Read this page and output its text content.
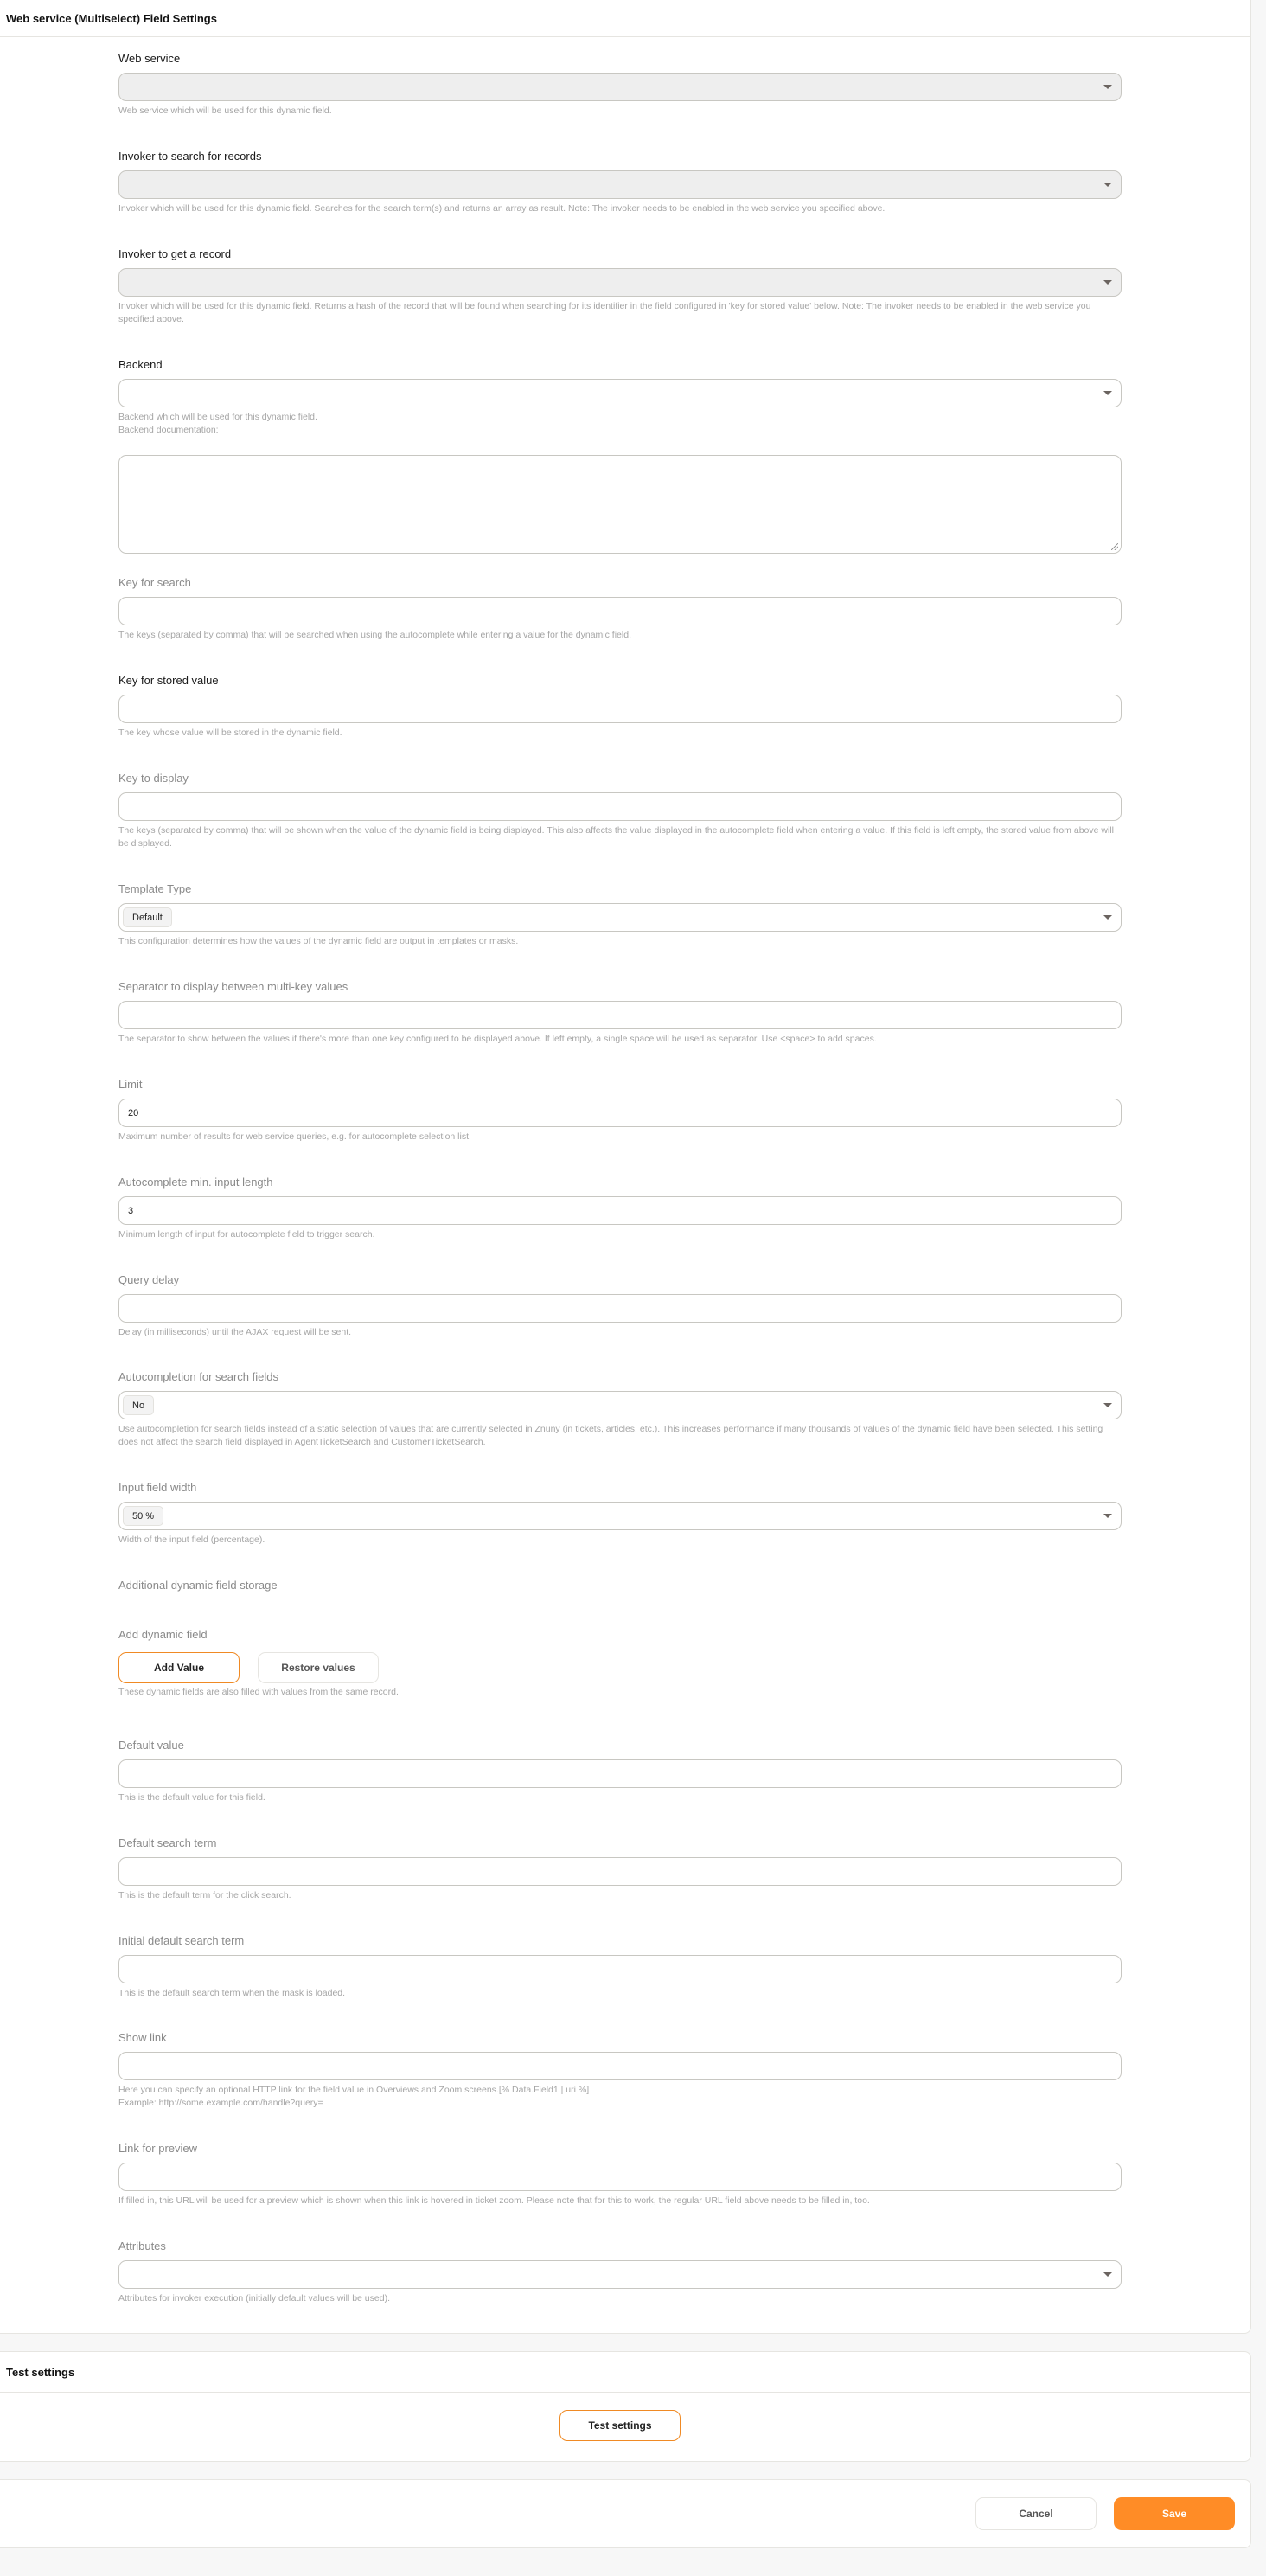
Web service (Multiselect) Field Settings
Web service
Web service which will be used for this dynamic field.
Invoker to search for records
Invoker which will be used for this dynamic field. Searches for the search term(s) and returns an array as result. Note: The invoker needs to be enabled in the web service you specified above.
Invoker to get a record
Invoker which will be used for this dynamic field. Returns a hash of the record that will be found when searching for its identifier in the field configured in 'key for stored value' below. Note: The invoker needs to be enabled in the web service you specified above.
Backend
Backend which will be used for this dynamic field.
Backend documentation:
Key for search
The keys (separated by comma) that will be searched when using the autocomplete while entering a value for the dynamic field.
Key for stored value
The key whose value will be stored in the dynamic field.
Key to display
The keys (separated by comma) that will be shown when the value of the dynamic field is being displayed. This also affects the value displayed in the autocomplete field when entering a value. If this field is left empty, the stored value from above will be displayed.
Template Type
Default
This configuration determines how the values of the dynamic field are output in templates or masks.
Separator to display between multi-key values
The separator to show between the values if there's more than one key configured to be displayed above. If left empty, a single space will be used as separator. Use <space> to add spaces.
Limit
20
Maximum number of results for web service queries, e.g. for autocomplete selection list.
Autocomplete min. input length
3
Minimum length of input for autocomplete field to trigger search.
Query delay
Delay (in milliseconds) until the AJAX request will be sent.
Autocompletion for search fields
No
Use autocompletion for search fields instead of a static selection of values that are currently selected in Znuny (in tickets, articles, etc.). This increases performance if many thousands of values of the dynamic field have been selected. This setting does not affect the search field displayed in AgentTicketSearch and CustomerTicketSearch.
Input field width
50 %
Width of the input field (percentage).
Additional dynamic field storage
Add dynamic field
Add Value	Restore values
These dynamic fields are also filled with values from the same record.
Default value
This is the default value for this field.
Default search term
This is the default term for the click search.
Initial default search term
This is the default search term when the mask is loaded.
Show link
Here you can specify an optional HTTP link for the field value in Overviews and Zoom screens.[% Data.Field1 | uri %]
Example: http://some.example.com/handle?query=
Link for preview
If filled in, this URL will be used for a preview which is shown when this link is hovered in ticket zoom. Please note that for this to work, the regular URL field above needs to be filled in, too.
Attributes
Attributes for invoker execution (initially default values will be used).
Test settings
Test settings
Cancel	Save
